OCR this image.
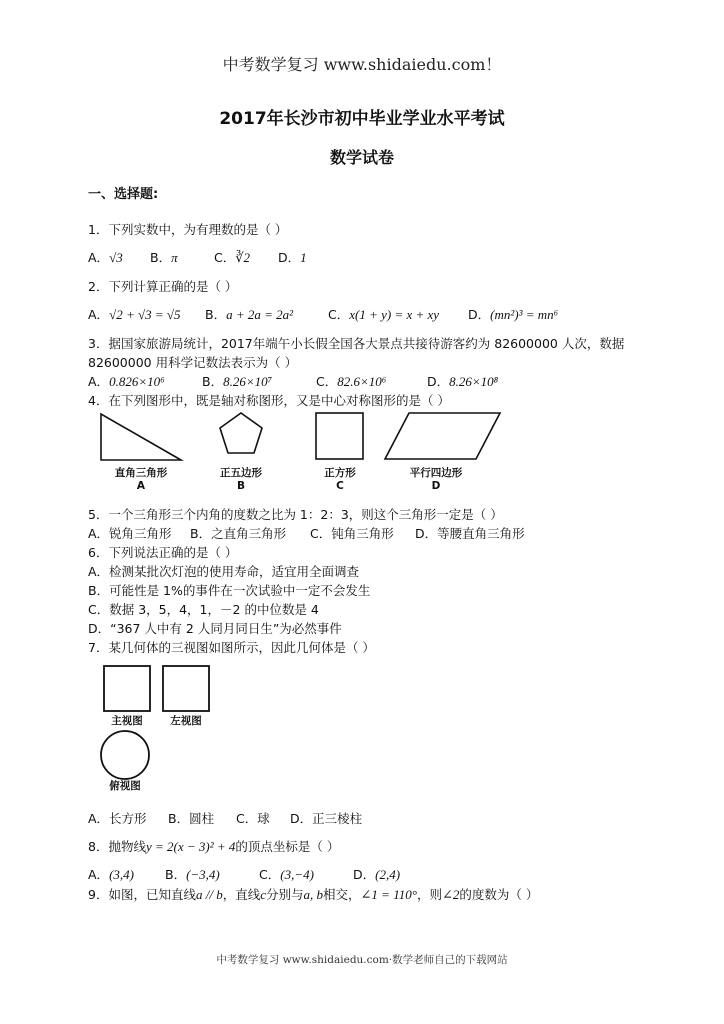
中考数学复习 www.shidaiedu.com！
2017年长沙市初中毕业学业水平考试
数学试卷
一、选择题:
1．下列实数中，为有理数的是（ ）
A．√3 B．π	C．∛2 D．1
2．下列计算正确的是（ ）
A．√2 + √3 = √5 B．a + 2a = 2a²	C．x(1 + y) = x + xy D．(mn²)³ = mn⁶
3．据国家旅游局统计，2017年端午小长假全国各大景点共接待游客约为 82600000 人次，数据
82600000 用科学记数法表示为（ ）
A．0.826×10⁶	B．8.26×10⁷	C．82.6×10⁶	D．8.26×10⁸
4．在下列图形中，既是轴对称图形，又是中心对称图形的是（ ）
直角三角形
A
正五边形
B
正方形
C
平行四边形
D
5．一个三角形三个内角的度数之比为 1：2：3，则这个三角形一定是（ ）
A．锐角三角形 B．之直角三角形 C．钝角三角形 D．等腰直角三角形
6．下列说法正确的是（ ）
A．检测某批次灯泡的使用寿命，适宜用全面调查
B．可能性是 1%的事件在一次试验中一定不会发生
C．数据 3，5，4，1，－2 的中位数是 4
D．“367 人中有 2 人同月同日生”为必然事件
7．某几何体的三视图如图所示，因此几何体是（ ）
主视图	左视图
俯视图
A．长方形 B．圆柱 C．球 D．正三棱柱
8．抛物线y = 2(x − 3)² + 4的顶点坐标是（ ）
A．(3,4) B．(−3,4)	C．(3,−4)	D．(2,4)
9．如图，已知直线a // b，直线c分别与a, b相交，∠1 = 110°，则∠2的度数为（ ）
中考数学复习 www.shidaiedu.com·数学老师自己的下载网站
